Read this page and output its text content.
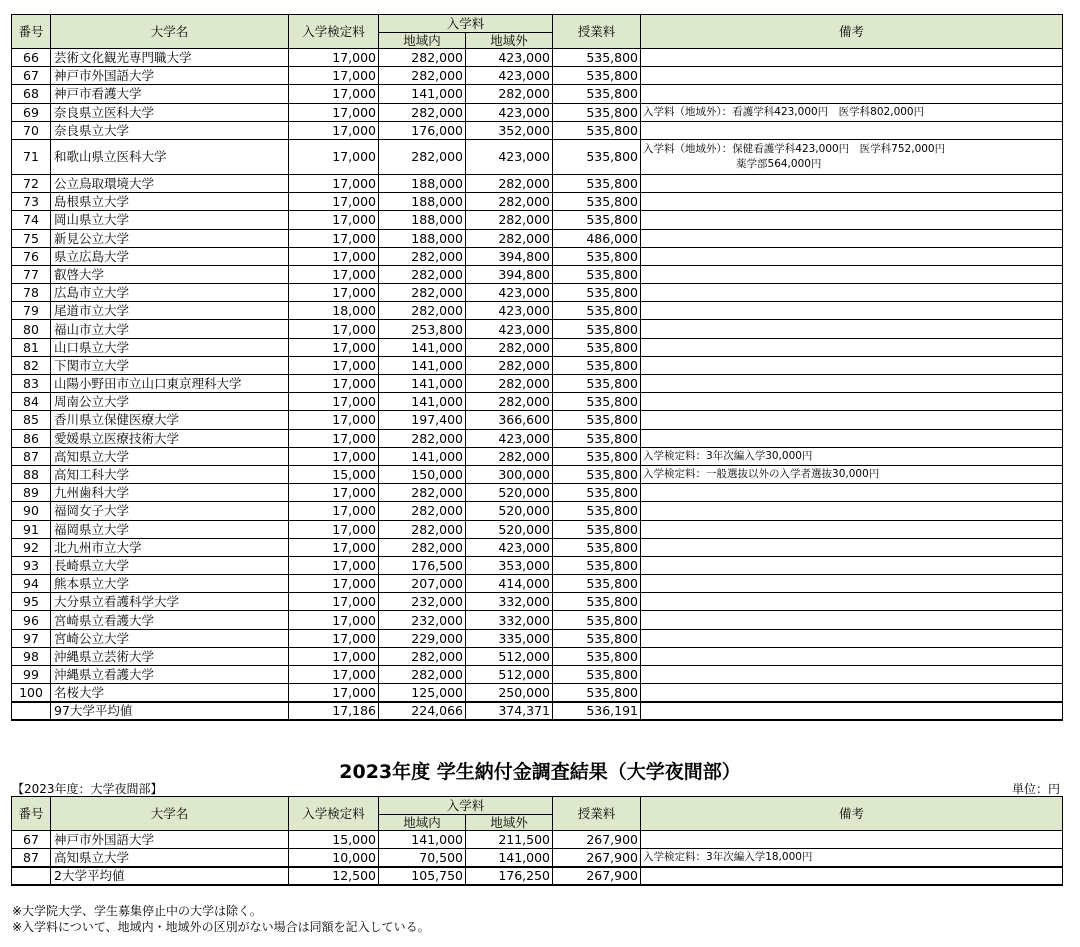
番号	大学名	入学検定料	入学料		授業料	備考
			地域内	地域外		
66	芸術文化観光専門職大学	17,000	282,000	423,000	535,800	

67	神戸市外国語大学	17,000	282,000	423,000	535,800	

68	神戸市看護大学	17,000	141,000	282,000	535,800	

69	奈良県立医科大学	17,000	282,000	423,000	535,800	入学料（地域外）：看護学科423,000円　医学科802,000円

70	奈良県立大学	17,000	176,000	352,000	535,800	

71	和歌山県立医科大学	17,000	282,000	423,000	535,800	入学料（地域外）：保健看護学科423,000円　医学科752,000円
薬学部564,000円

72	公立鳥取環境大学	17,000	188,000	282,000	535,800	

73	島根県立大学	17,000	188,000	282,000	535,800	

74	岡山県立大学	17,000	188,000	282,000	535,800	

75	新見公立大学	17,000	188,000	282,000	486,000	

76	県立広島大学	17,000	282,000	394,800	535,800	

77	叡啓大学	17,000	282,000	394,800	535,800	

78	広島市立大学	17,000	282,000	423,000	535,800	

79	尾道市立大学	18,000	282,000	423,000	535,800	

80	福山市立大学	17,000	253,800	423,000	535,800	

81	山口県立大学	17,000	141,000	282,000	535,800	

82	下関市立大学	17,000	141,000	282,000	535,800	

83	山陽小野田市立山口東京理科大学	17,000	141,000	282,000	535,800	

84	周南公立大学	17,000	141,000	282,000	535,800	

85	香川県立保健医療大学	17,000	197,400	366,600	535,800	

86	愛媛県立医療技術大学	17,000	282,000	423,000	535,800	

87	高知県立大学	17,000	141,000	282,000	535,800	入学検定料：3年次編入学30,000円

88	高知工科大学	15,000	150,000	300,000	535,800	入学検定料：一般選抜以外の入学者選抜30,000円

89	九州歯科大学	17,000	282,000	520,000	535,800	

90	福岡女子大学	17,000	282,000	520,000	535,800	

91	福岡県立大学	17,000	282,000	520,000	535,800	

92	北九州市立大学	17,000	282,000	423,000	535,800	

93	長崎県立大学	17,000	176,500	353,000	535,800	

94	熊本県立大学	17,000	207,000	414,000	535,800	

95	大分県立看護科学大学	17,000	232,000	332,000	535,800	

96	宮崎県立看護大学	17,000	232,000	332,000	535,800	

97	宮崎公立大学	17,000	229,000	335,000	535,800	

98	沖縄県立芸術大学	17,000	282,000	512,000	535,800	

99	沖縄県立看護大学	17,000	282,000	512,000	535,800	

100	名桜大学	17,000	125,000	250,000	535,800	

	97大学平均値	17,186	224,066	374,371	536,191	
2023年度 学生納付金調査結果（大学夜間部）
【2023年度：大学夜間部】	単位：円
番号	大学名	入学検定料	入学料		授業料	備考
			地域内	地域外		
67	神戸市外国語大学	15,000	141,000	211,500	267,900	

87	高知県立大学	10,000	70,500	141,000	267,900	入学検定料：3年次編入学18,000円

	2大学平均値	12,500	105,750	176,250	267,900	
※大学院大学、学生募集停止中の大学は除く。
※入学料について、地域内・地域外の区別がない場合は同額を記入している。
